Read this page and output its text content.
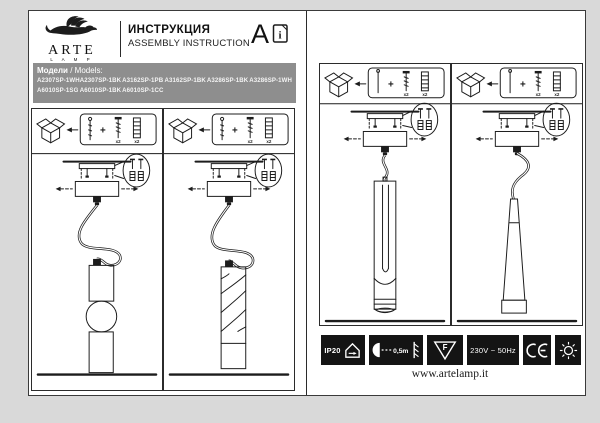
ARTE
L A M P
ИНСТРУКЦИЯ
ASSEMBLY INSTRUCTION A i
Модели / Models:
A2307SP-1WH A2307SP-1BK A3162SP-1PB A3162SP-1BK A3286SP-1BK A3286SP-1WH
A6010SP-1SG A6010SP-1BK A6010SP-1CC
+
x2	x2
+
x2	x2
+
x2	x2
+
x2	x2
IP20	0,5m	F	230V ~ 50Hz
www.artelamp.it
